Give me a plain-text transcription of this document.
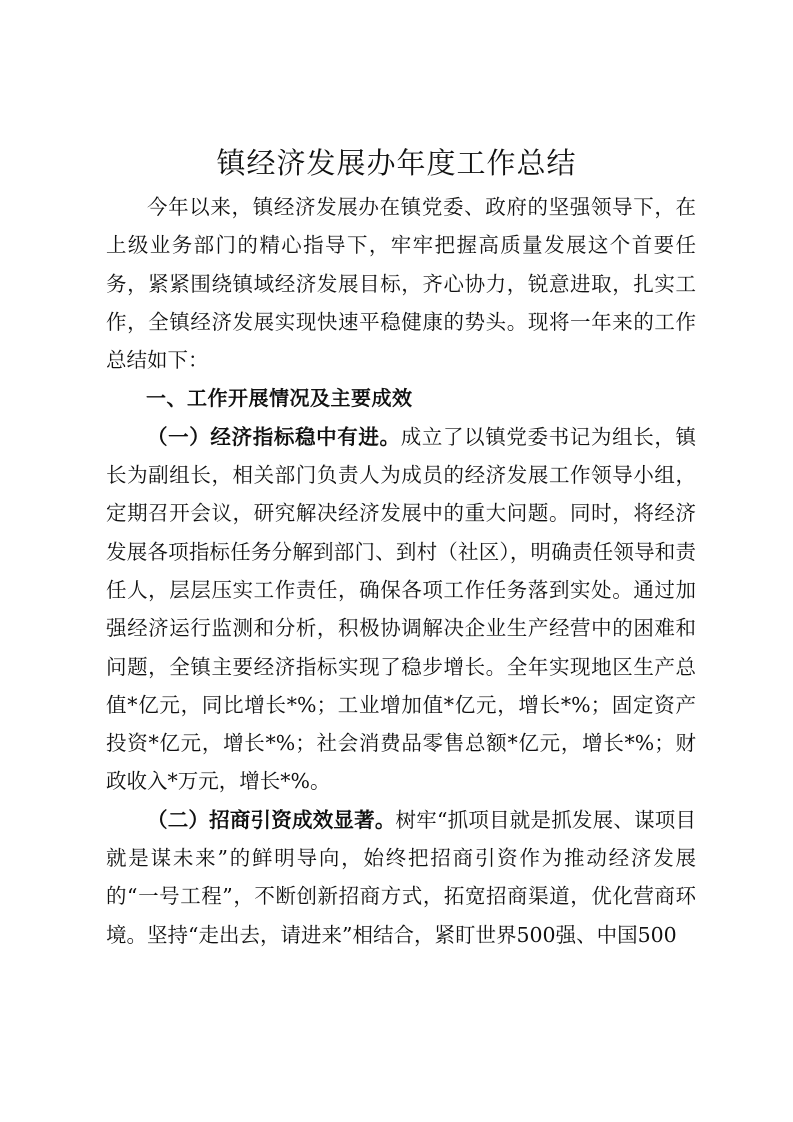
镇经济发展办年度工作总结

今年以来，镇经济发展办在镇党委、政府的坚强领导下，在上级业务部门的精心指导下，牢牢把握高质量发展这个首要任务，紧紧围绕镇域经济发展目标，齐心协力，锐意进取，扎实工作，全镇经济发展实现快速平稳健康的势头。现将一年来的工作总结如下：

一、工作开展情况及主要成效

（一）经济指标稳中有进。成立了以镇党委书记为组长，镇长为副组长，相关部门负责人为成员的经济发展工作领导小组，定期召开会议，研究解决经济发展中的重大问题。同时，将经济发展各项指标任务分解到部门、到村（社区），明确责任领导和责任人，层层压实工作责任，确保各项工作任务落到实处。通过加强经济运行监测和分析，积极协调解决企业生产经营中的困难和问题，全镇主要经济指标实现了稳步增长。全年实现地区生产总值*亿元，同比增长*%；工业增加值*亿元，增长*%；固定资产投资*亿元，增长*%；社会消费品零售总额*亿元，增长*%；财政收入*万元，增长*%。

（二）招商引资成效显著。树牢“抓项目就是抓发展、谋项目就是谋未来”的鲜明导向，始终把招商引资作为推动经济发展的“一号工程”，不断创新招商方式，拓宽招商渠道，优化营商环境。坚持“走出去，请进来”相结合，紧盯世界500强、中国500
